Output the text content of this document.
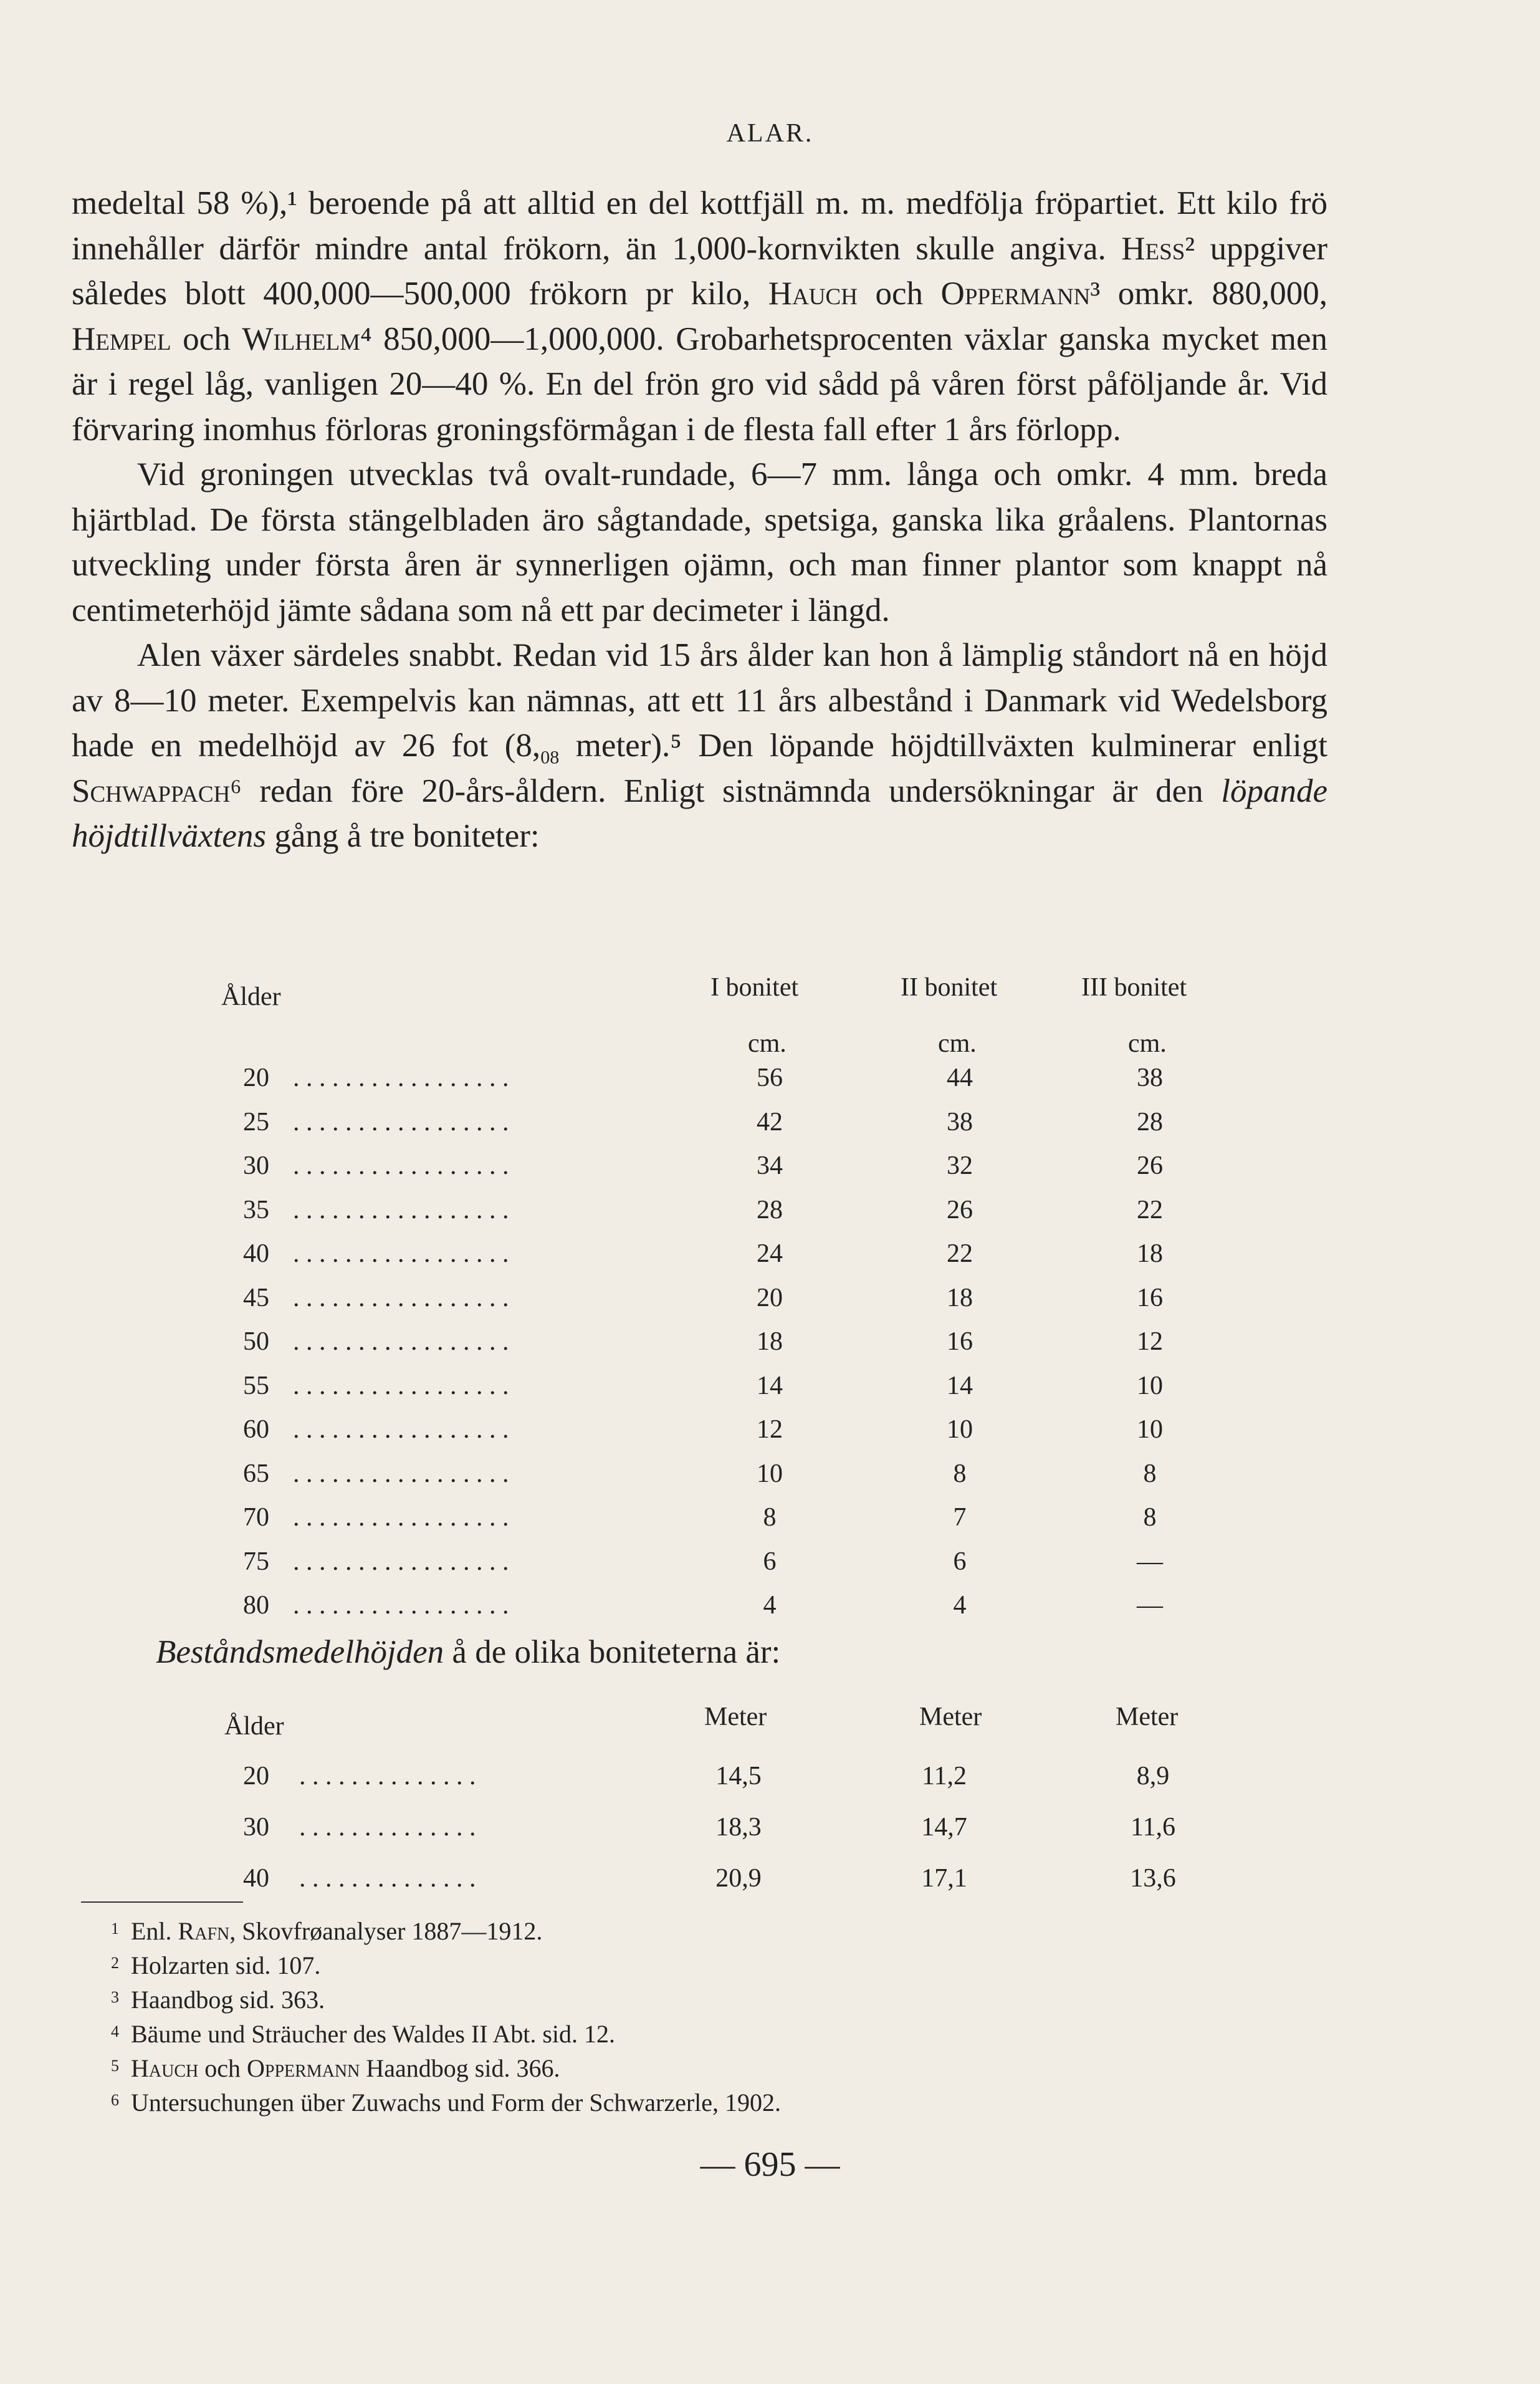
ALAR.

medeltal 58 %),¹ beroende på att alltid en del kottfjäll m. m. medfölja fröpartiet. Ett kilo frö innehåller därför mindre antal frökorn, än 1,000-kornvikten skulle angiva. Hess² uppgiver således blott 400,000—500,000 frökorn pr kilo, Hauch och Oppermann³ omkr. 880,000, Hempel och Wilhelm⁴ 850,000—1,000,000. Grobarhetsprocenten växlar ganska mycket men är i regel låg, vanligen 20—40 %. En del frön gro vid sådd på våren först påföljande år. Vid förvaring inomhus förloras groningsförmågan i de flesta fall efter 1 års förlopp.

Vid groningen utvecklas två ovalt-rundade, 6—7 mm. långa och omkr. 4 mm. breda hjärtblad. De första stängelbladen äro sågtandade, spetsiga, ganska lika gråalens. Plantornas utveckling under första åren är synnerligen ojämn, och man finner plantor som knappt nå centimeterhöjd jämte sådana som nå ett par decimeter i längd.

Alen växer särdeles snabbt. Redan vid 15 års ålder kan hon å lämplig ståndort nå en höjd av 8—10 meter. Exempelvis kan nämnas, att ett 11 års albestånd i Danmark vid Wedelsborg hade en medelhöjd av 26 fot ($8,_{08}$ meter).⁵ Den löpande höjdtillväxten kulminerar enligt Schwappach⁶ redan före 20-års-åldern. Enligt sistnämnda undersökningar är den löpande höjdtillväxtens gång å tre boniteter:

Ålder	I bonitet	II bonitet	III bonitet
cm.	cm.	cm.
20 . . . . . . . . . . . . . . . . .	56	44	38
25 . . . . . . . . . . . . . . . . .	42	38	28
30 . . . . . . . . . . . . . . . . .	34	32	26
35 . . . . . . . . . . . . . . . . .	28	26	22
40 . . . . . . . . . . . . . . . . .	24	22	18
45 . . . . . . . . . . . . . . . . .	20	18	16
50 . . . . . . . . . . . . . . . . .	18	16	12
55 . . . . . . . . . . . . . . . . .	14	14	10
60 . . . . . . . . . . . . . . . . .	12	10	10
65 . . . . . . . . . . . . . . . . .	10	8	8
70 . . . . . . . . . . . . . . . . .	8	7	8
75 . . . . . . . . . . . . . . . . .	6	6	—
80 . . . . . . . . . . . . . . . . .	4	4	—
Beståndsmedelhöjden å de olika boniteterna är:
Ålder	Meter	Meter	Meter
20	. . . . . . . . . . . . . .	14,5	11,2	8,9
30	. . . . . . . . . . . . . .	18,3	14,7	11,6
40	. . . . . . . . . . . . . .	20,9	17,1	13,6
1 Enl. Rafn, Skovfrøanalyser 1887—1912.
2 Holzarten sid. 107.
3 Haandbog sid. 363.
4 Bäume und Sträucher des Waldes II Abt. sid. 12.
5 Hauch och Oppermann Haandbog sid. 366.
6 Untersuchungen über Zuwachs und Form der Schwarzerle, 1902.
— 695 —
